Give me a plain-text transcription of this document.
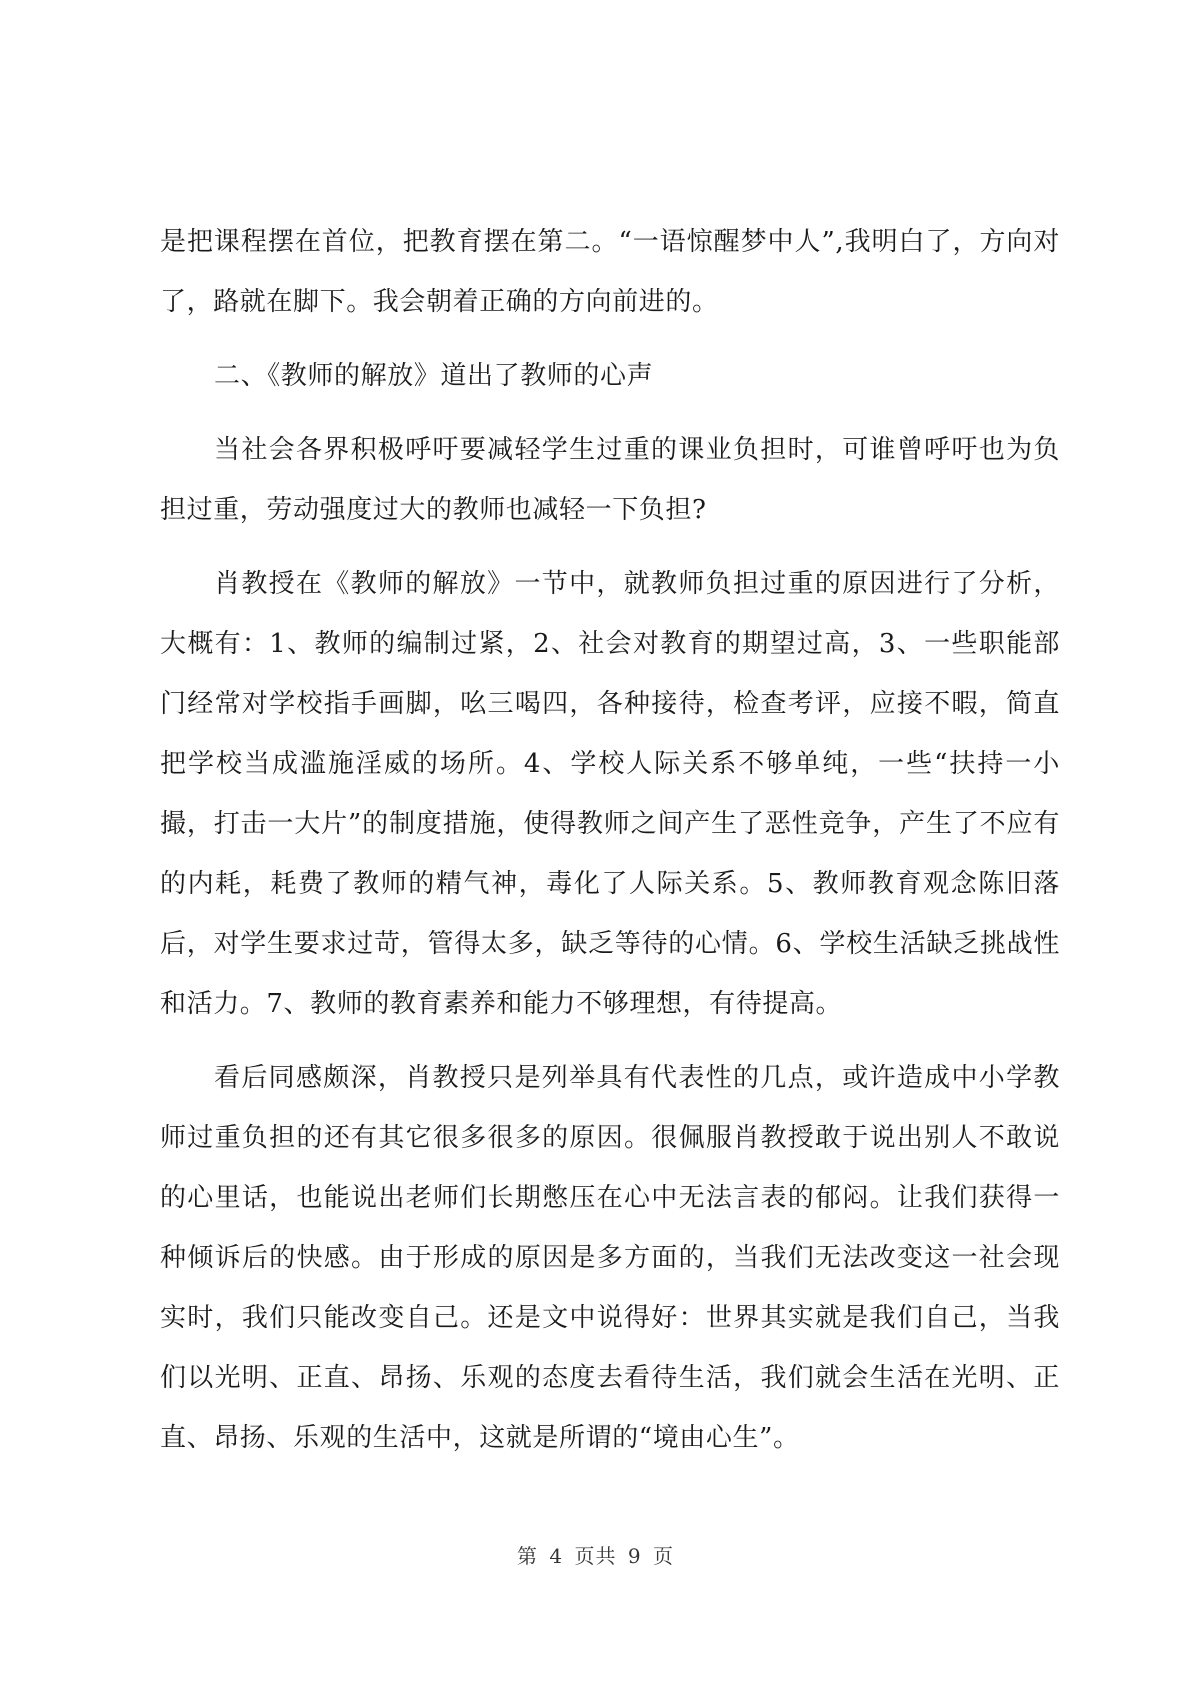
是把课程摆在首位，把教育摆在第二。“一语惊醒梦中人”,我明白了，方向对了，路就在脚下。我会朝着正确的方向前进的。

二、《教师的解放》道出了教师的心声

当社会各界积极呼吁要减轻学生过重的课业负担时，可谁曾呼吁也为负担过重，劳动强度过大的教师也减轻一下负担?

肖教授在《教师的解放》一节中，就教师负担过重的原因进行了分析，大概有：1、教师的编制过紧，2、社会对教育的期望过高，3、一些职能部门经常对学校指手画脚，吆三喝四，各种接待，检查考评，应接不暇，简直把学校当成滥施淫威的场所。4、学校人际关系不够单纯，一些“扶持一小撮，打击一大片”的制度措施，使得教师之间产生了恶性竞争，产生了不应有的内耗，耗费了教师的精气神，毒化了人际关系。5、教师教育观念陈旧落后，对学生要求过苛，管得太多，缺乏等待的心情。6、学校生活缺乏挑战性和活力。7、教师的教育素养和能力不够理想，有待提高。

看后同感颇深，肖教授只是列举具有代表性的几点，或许造成中小学教师过重负担的还有其它很多很多的原因。很佩服肖教授敢于说出别人不敢说的心里话，也能说出老师们长期憋压在心中无法言表的郁闷。让我们获得一种倾诉后的快感。由于形成的原因是多方面的，当我们无法改变这一社会现实时，我们只能改变自己。还是文中说得好：世界其实就是我们自己，当我们以光明、正直、昂扬、乐观的态度去看待生活，我们就会生活在光明、正直、昂扬、乐观的生活中，这就是所谓的“境由心生”。

第 4 页共 9 页
